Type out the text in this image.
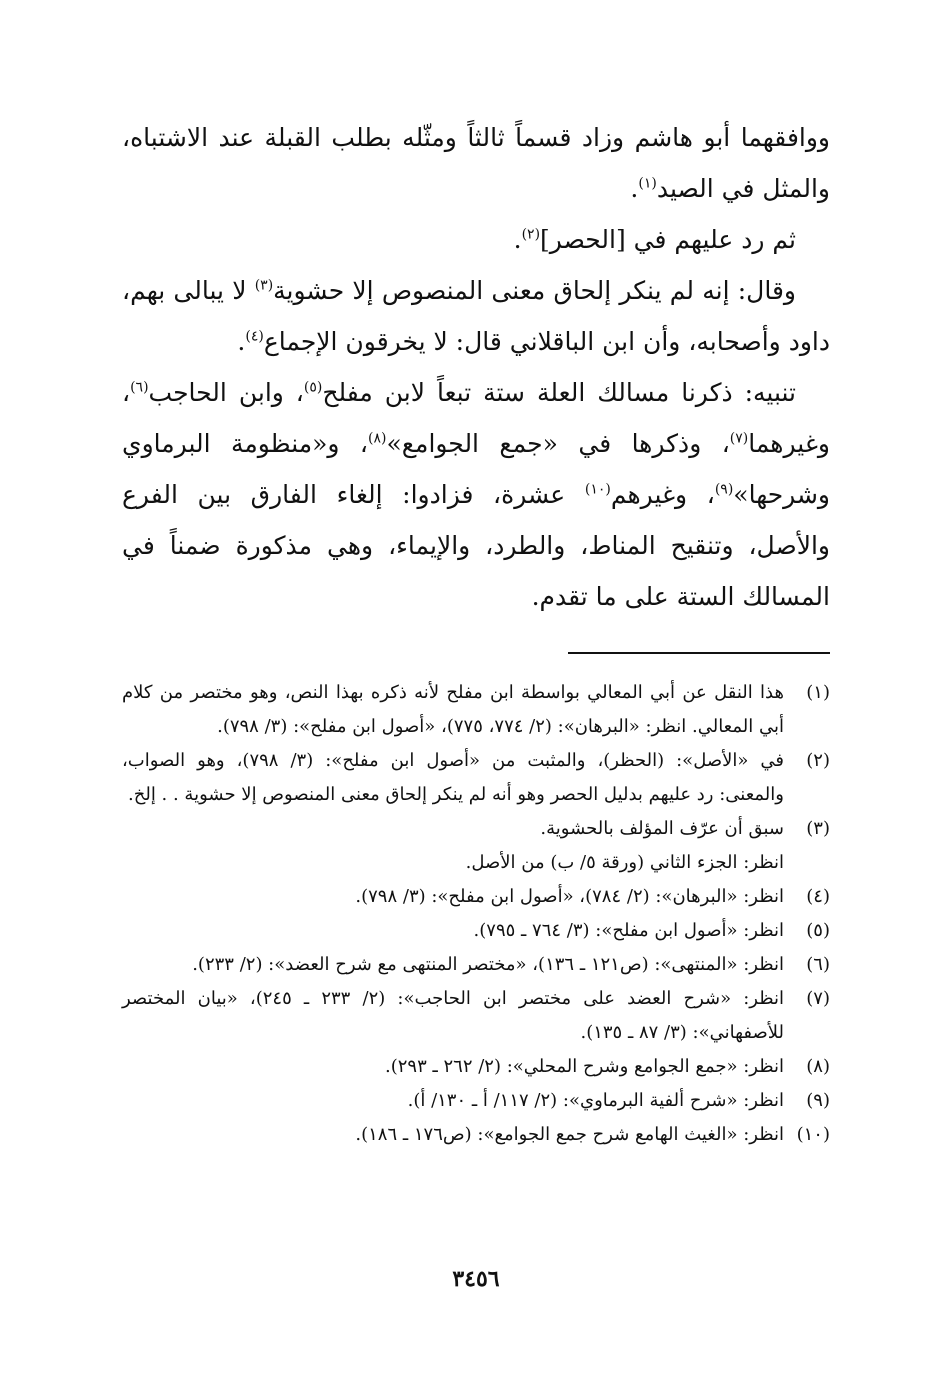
ووافقهما أبو هاشم وزاد قسماً ثالثاً ومثّله بطلب القبلة عند الاشتباه، والمثل في الصيد$^{(١)}$.

ثم رد عليهم في [الحصر]$^{(٢)}$.

وقال: إنه لم ينكر إلحاق معنى المنصوص إلا حشوية$^{(٣)}$ لا يبالى بهم، داود وأصحابه، وأن ابن الباقلاني قال: لا يخرقون الإجماع$^{(٤)}$.

تنبيه: ذكرنا مسالك العلة ستة تبعاً لابن مفلح$^{(٥)}$، وابن الحاجب$^{(٦)}$، وغيرهما$^{(٧)}$، وذكرها في «جمع الجوامع»$^{(٨)}$، و«منظومة البرماوي وشرحها»$^{(٩)}$، وغيرهم$^{(١٠)}$ عشرة، فزادوا: إلغاء الفارق بين الفرع والأصل، وتنقيح المناط، والطرد، والإيماء، وهي مذكورة ضمناً في المسالك الستة على ما تقدم.

(١)
هذا النقل عن أبي المعالي بواسطة ابن مفلح لأنه ذكره بهذا النص، وهو مختصر من كلام أبي المعالي. انظر: «البرهان»: (٢/ ٧٧٤، ٧٧٥)، «أصول ابن مفلح»: (٣/ ٧٩٨).
(٢)
في «الأصل»: (الحظر)، والمثبت من «أصول ابن مفلح»: (٣/ ٧٩٨)، وهو الصواب، والمعنى: رد عليهم بدليل الحصر وهو أنه لم ينكر إلحاق معنى المنصوص إلا حشوية . . إلخ.
(٣)
سبق أن عرّف المؤلف بالحشوية.
انظر: الجزء الثاني (ورقة ٥/ ب) من الأصل.
(٤)
انظر: «البرهان»: (٢/ ٧٨٤)، «أصول ابن مفلح»: (٣/ ٧٩٨).
(٥)
انظر: «أصول ابن مفلح»: (٣/ ٧٦٤ ـ ٧٩٥).
(٦)
انظر: «المنتهى»: (ص١٢١ ـ ١٣٦)، «مختصر المنتهى مع شرح العضد»: (٢/ ٢٣٣).
(٧)
انظر: «شرح العضد على مختصر ابن الحاجب»: (٢/ ٢٣٣ ـ ٢٤٥)، «بيان المختصر للأصفهاني»: (٣/ ٨٧ ـ ١٣٥).
(٨)
انظر: «جمع الجوامع وشرح المحلي»: (٢/ ٢٦٢ ـ ٢٩٣).
(٩)
انظر: «شرح ألفية البرماوي»: (٢/ ١١٧/ أ ـ ١٣٠/ أ).
(١٠)
انظر: «الغيث الهامع شرح جمع الجوامع»: (ص١٧٦ ـ ١٨٦).
٣٤٥٦
